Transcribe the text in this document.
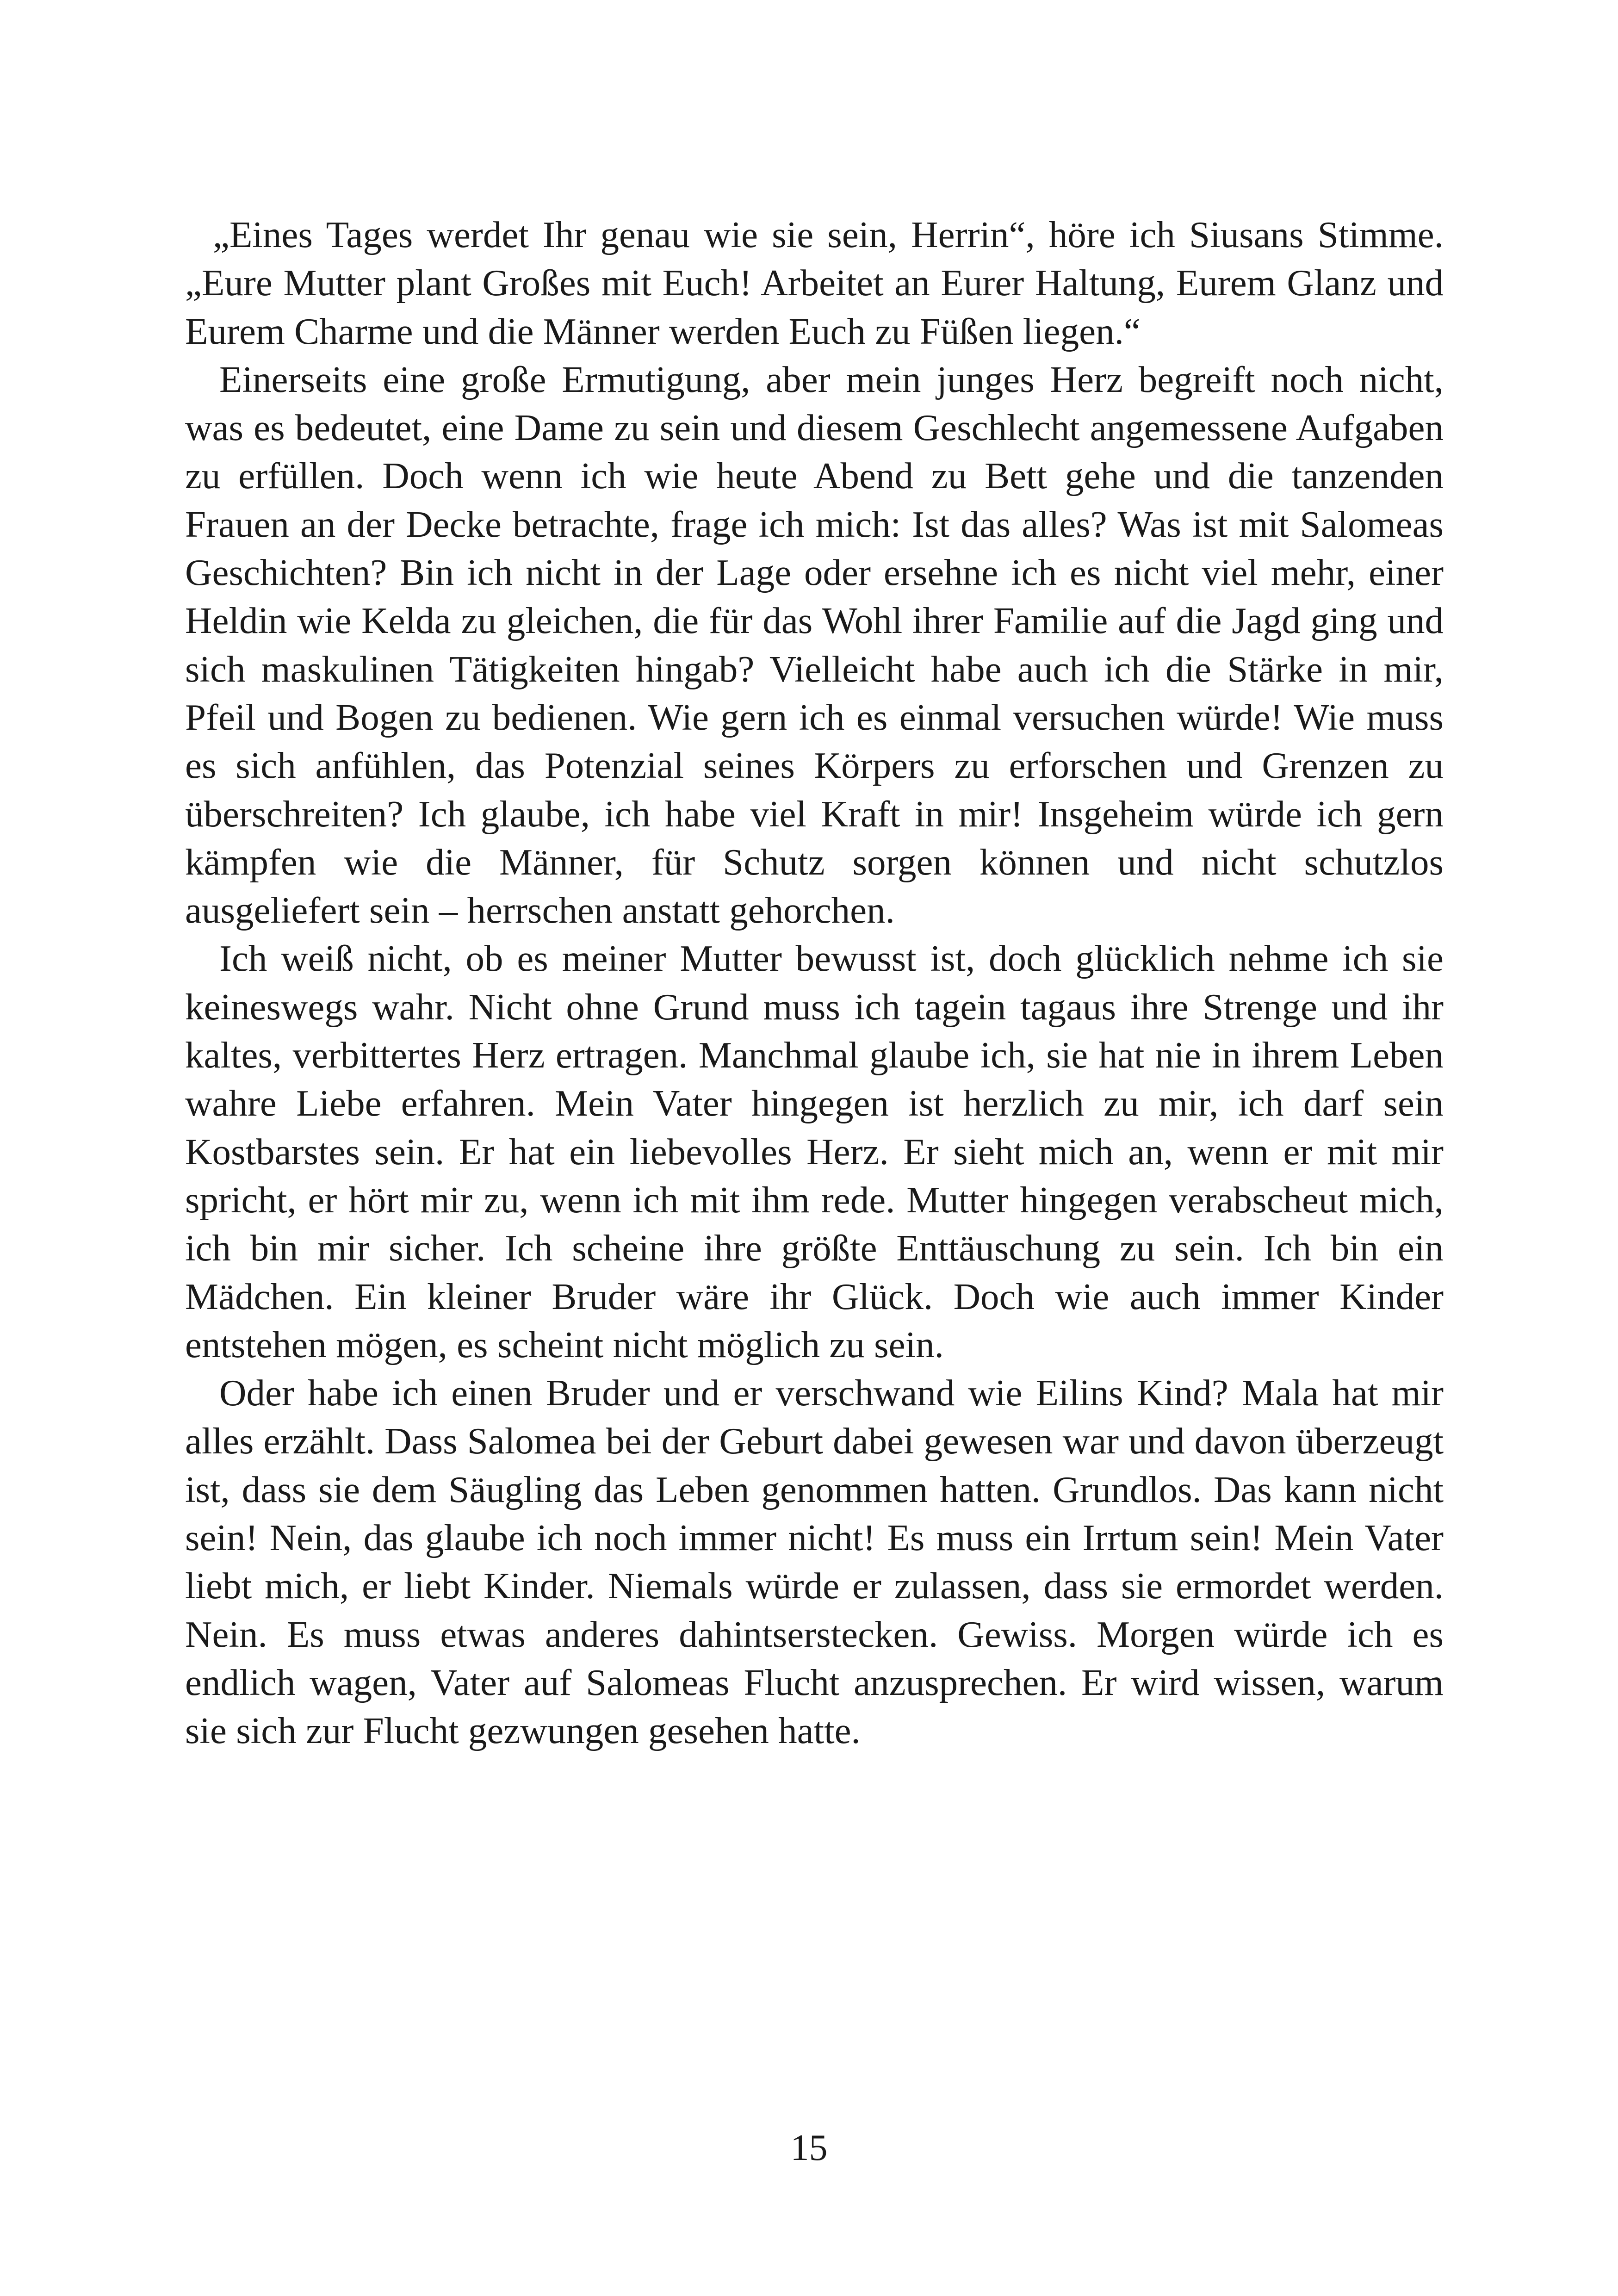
„Eines Tages werdet Ihr genau wie sie sein, Herrin“, höre ich Siusans Stimme. „Eure Mutter plant Großes mit Euch! Arbeitet an Eurer Haltung, Eurem Glanz und Eurem Charme und die Männer werden Euch zu Füßen liegen.“

Einerseits eine große Ermutigung, aber mein junges Herz begreift noch nicht, was es bedeutet, eine Dame zu sein und diesem Geschlecht angemessene Aufgaben zu erfüllen. Doch wenn ich wie heute Abend zu Bett gehe und die tanzenden Frauen an der Decke betrachte, frage ich mich: Ist das alles? Was ist mit Salomeas Geschichten? Bin ich nicht in der Lage oder ersehne ich es nicht viel mehr, einer Heldin wie Kelda zu gleichen, die für das Wohl ihrer Familie auf die Jagd ging und sich maskulinen Tätigkeiten hingab? Vielleicht habe auch ich die Stärke in mir, Pfeil und Bogen zu bedienen. Wie gern ich es einmal versuchen würde! Wie muss es sich anfühlen, das Potenzial seines Körpers zu erforschen und Grenzen zu überschreiten? Ich glaube, ich habe viel Kraft in mir! Insgeheim würde ich gern kämpfen wie die Männer, für Schutz sorgen können und nicht schutzlos ausgeliefert sein – herrschen anstatt gehorchen.

Ich weiß nicht, ob es meiner Mutter bewusst ist, doch glücklich nehme ich sie keineswegs wahr. Nicht ohne Grund muss ich tagein tagaus ihre Strenge und ihr kaltes, verbittertes Herz ertragen. Manchmal glaube ich, sie hat nie in ihrem Leben wahre Liebe erfahren. Mein Vater hingegen ist herzlich zu mir, ich darf sein Kostbarstes sein. Er hat ein liebevolles Herz. Er sieht mich an, wenn er mit mir spricht, er hört mir zu, wenn ich mit ihm rede. Mutter hingegen verabscheut mich, ich bin mir sicher. Ich scheine ihre größte Enttäuschung zu sein. Ich bin ein Mädchen. Ein kleiner Bruder wäre ihr Glück. Doch wie auch immer Kinder entstehen mögen, es scheint nicht möglich zu sein.

Oder habe ich einen Bruder und er verschwand wie Eilins Kind? Mala hat mir alles erzählt. Dass Salomea bei der Geburt dabei gewesen war und davon überzeugt ist, dass sie dem Säugling das Leben genommen hatten. Grundlos. Das kann nicht sein! Nein, das glaube ich noch immer nicht! Es muss ein Irrtum sein! Mein Vater liebt mich, er liebt Kinder. Niemals würde er zulassen, dass sie ermordet werden. Nein. Es muss etwas anderes dahintserstecken. Gewiss. Morgen würde ich es endlich wagen, Vater auf Salomeas Flucht anzusprechen. Er wird wissen, warum sie sich zur Flucht gezwungen gesehen hatte.

15
